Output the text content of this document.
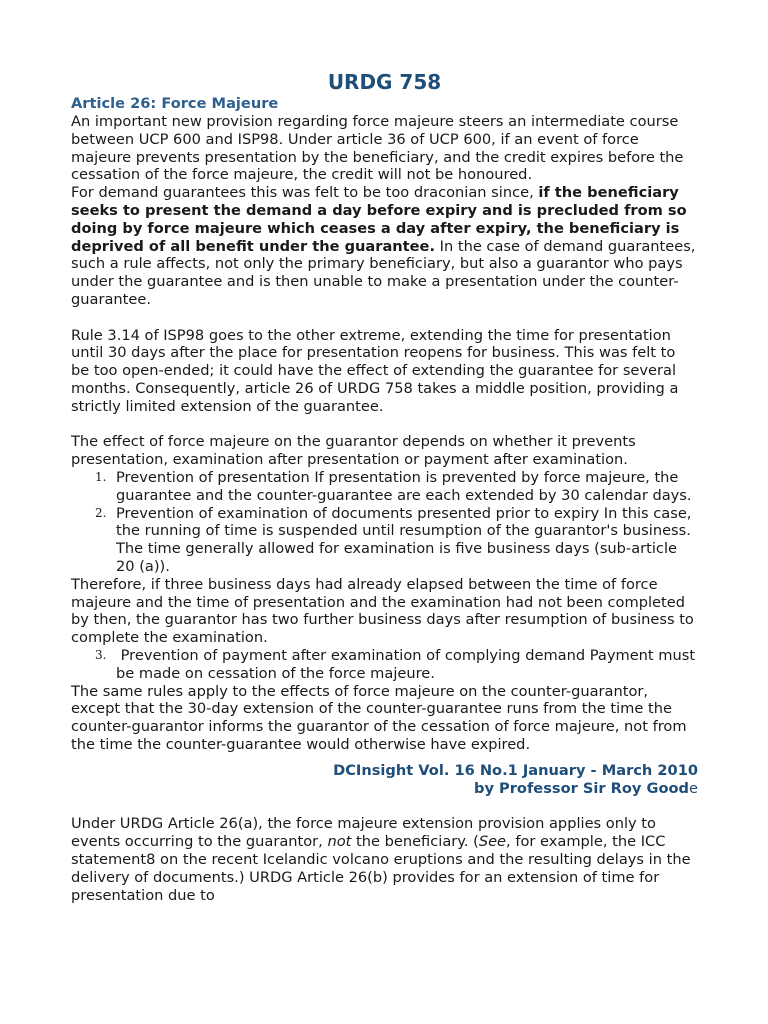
URDG 758
Article 26: Force Majeure

An important new provision regarding force majeure steers an intermediate course between UCP 600 and ISP98. Under article 36 of UCP 600, if an event of force majeure prevents presentation by the beneficiary, and the credit expires before the cessation of the force majeure, the credit will not be honoured.
For demand guarantees this was felt to be too draconian since, if the beneficiary seeks to present the demand a day before expiry and is precluded from so doing by force majeure which ceases a day after expiry, the beneficiary is deprived of all benefit under the guarantee. In the case of demand guarantees, such a rule affects, not only the primary beneficiary, but also a guarantor who pays under the guarantee and is then unable to make a presentation under the counter-guarantee.

Rule 3.14 of ISP98 goes to the other extreme, extending the time for presentation until 30 days after the place for presentation reopens for business. This was felt to be too open-ended; it could have the effect of extending the guarantee for several months. Consequently, article 26 of URDG 758 takes a middle position, providing a strictly limited extension of the guarantee.

The effect of force majeure on the guarantor depends on whether it prevents presentation, examination after presentation or payment after examination.

1. Prevention of presentation If presentation is prevented by force majeure, the guarantee and the counter-guarantee are each extended by 30 calendar days.
2. Prevention of examination of documents presented prior to expiry In this case, the running of time is suspended until resumption of the guarantor's business. The time generally allowed for examination is five business days (sub-article 20 (a)).

Therefore, if three business days had already elapsed between the time of force majeure and the time of presentation and the examination had not been completed by then, the guarantor has two further business days after resumption of business to complete the examination.

3. Prevention of payment after examination of complying demand Payment must be made on cessation of the force majeure.

The same rules apply to the effects of force majeure on the counter-guarantor, except that the 30-day extension of the counter-guarantee runs from the time the counter-guarantor informs the guarantor of the cessation of force majeure, not from the time the counter-guarantee would otherwise have expired.

DCInsight Vol. 16 No.1 January - March 2010
by Professor Sir Roy Goode

Under URDG Article 26(a), the force majeure extension provision applies only to events occurring to the guarantor, not the beneficiary. (See, for example, the ICC statement8 on the recent Icelandic volcano eruptions and the resulting delays in the delivery of documents.) URDG Article 26(b) provides for an extension of time for presentation due to
